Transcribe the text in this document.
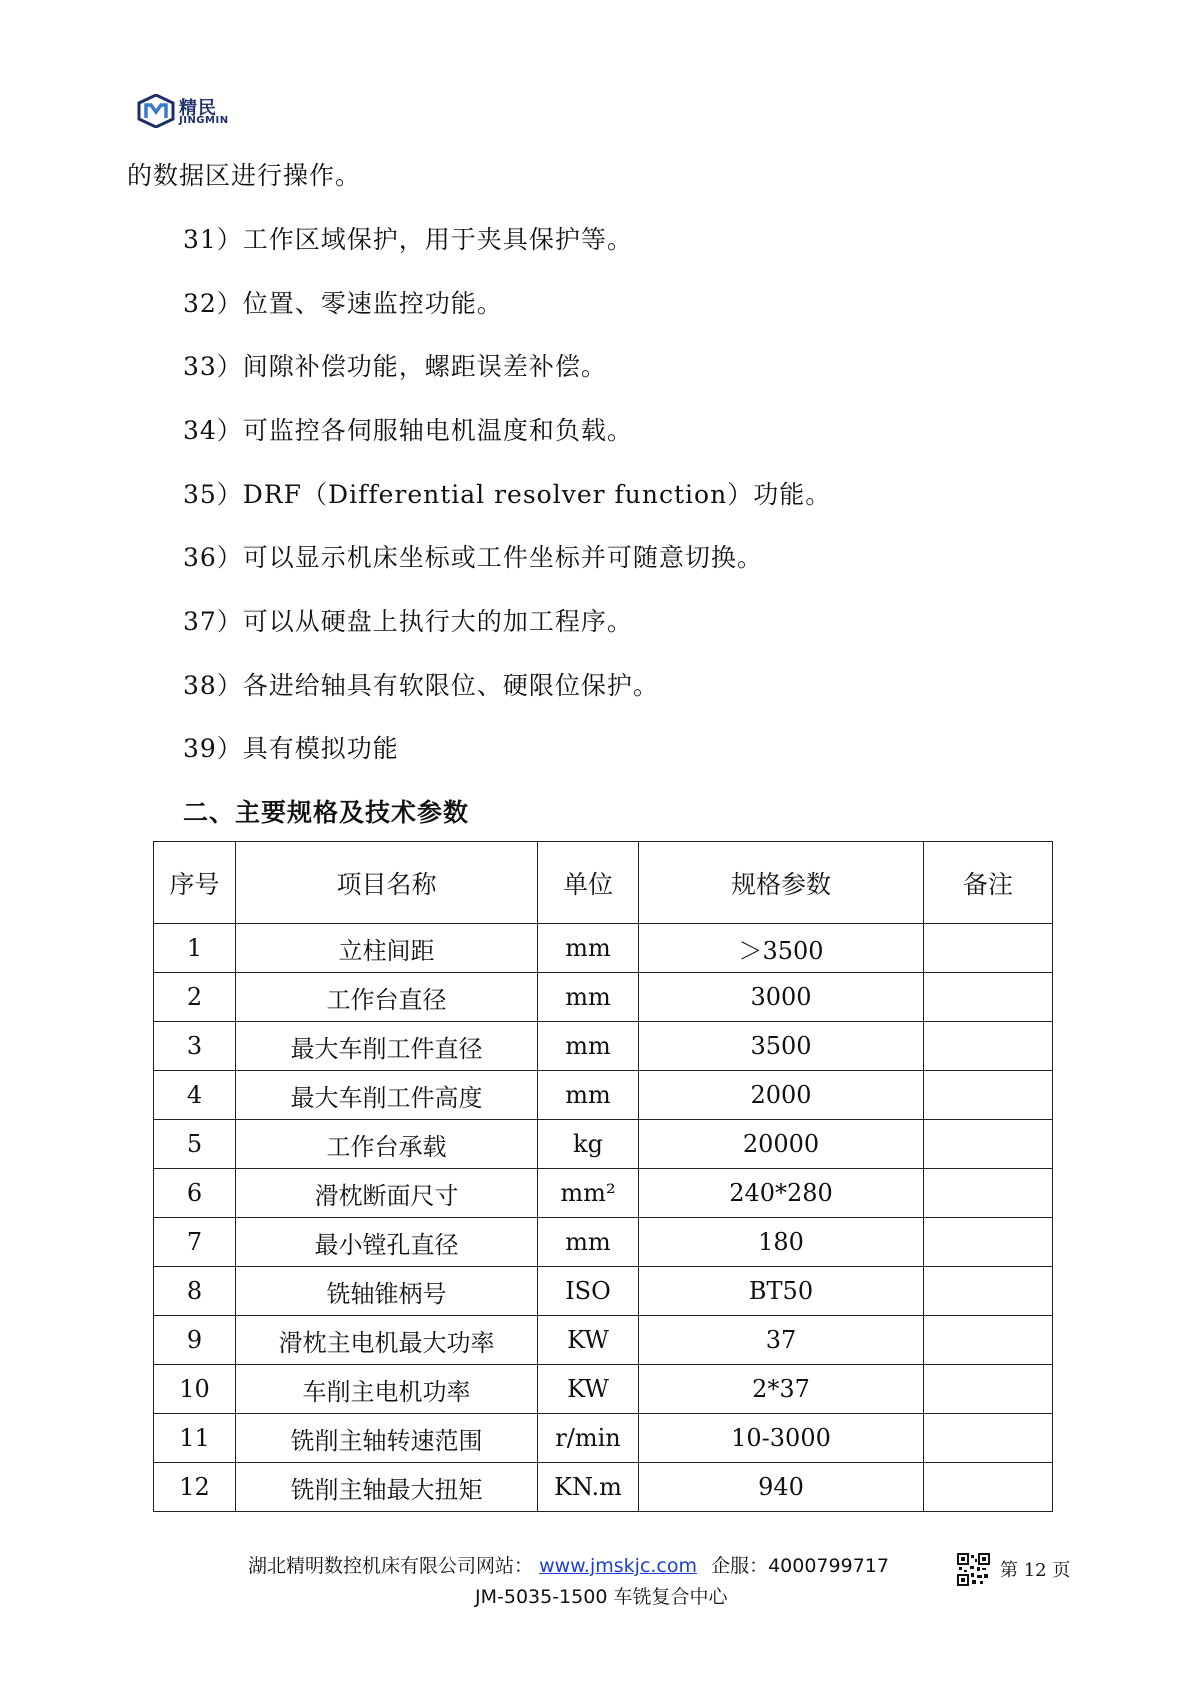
精民
JINGMIN
的数据区进行操作。
31）工作区域保护，用于夹具保护等。
32）位置、零速监控功能。
33）间隙补偿功能，螺距误差补偿。
34）可监控各伺服轴电机温度和负载。
35）DRF（Differential resolver function）功能。
36）可以显示机床坐标或工件坐标并可随意切换。
37）可以从硬盘上执行大的加工程序。
38）各进给轴具有软限位、硬限位保护。
39）具有模拟功能
二、主要规格及技术参数
序号	项目名称	单位	规格参数	备注
1	立柱间距	mm	＞3500	
2	工作台直径	mm	3000	
3	最大车削工件直径	mm	3500	
4	最大车削工件高度	mm	2000	
5	工作台承载	kg	20000	
6	滑枕断面尺寸	mm²	240*280	
7	最小镗孔直径	mm	180	
8	铣轴锥柄号	ISO	BT50	
9	滑枕主电机最大功率	KW	37	
10	车削主电机功率	KW	2*37	
11	铣削主轴转速范围	r/min	10-3000	
12	铣削主轴最大扭矩	KN.m	940	
湖北精明数控机床有限公司网站： www.jmskjc.com 企服：4000799717	第 12 页
JM-5035-1500 车铣复合中心
